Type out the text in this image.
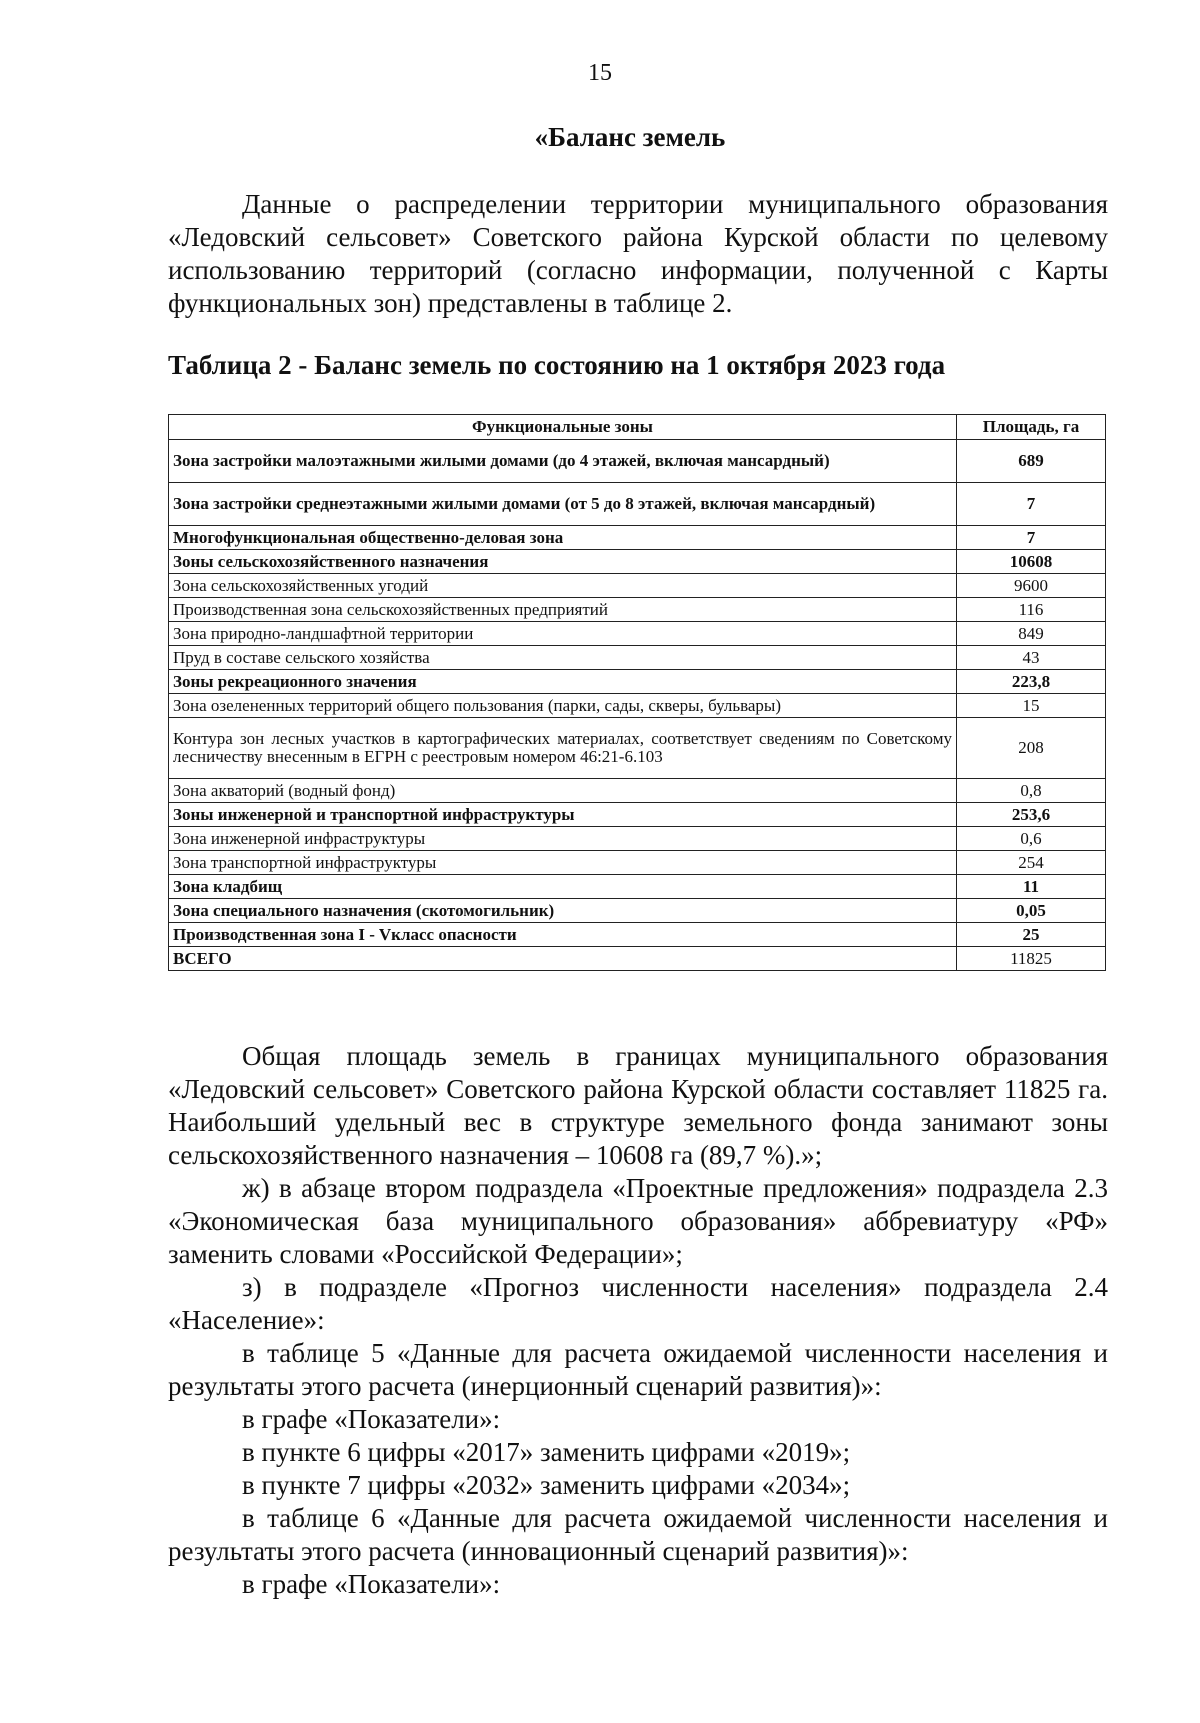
15
«Баланс земель

Данные о распределении территории муниципального образования «Ледовский сельсовет» Советского района Курской области по целевому использованию территорий (согласно информации, полученной с Карты функциональных зон) представлены в таблице 2.

Таблица 2 - Баланс земель по состоянию на 1 октября 2023 года
Функциональные зоны	Площадь, га
Зона застройки малоэтажными жилыми домами (до 4 этажей, включая мансардный)	689
Зона застройки среднеэтажными жилыми домами (от 5 до 8 этажей, включая мансардный)	7
Многофункциональная общественно-деловая зона	7
Зоны сельскохозяйственного назначения	10608
Зона сельскохозяйственных угодий	9600
Производственная зона сельскохозяйственных предприятий	116
Зона природно-ландшафтной территории	849
Пруд в составе сельского хозяйства	43
Зоны рекреационного значения	223,8
Зона озелененных территорий общего пользования (парки, сады, скверы, бульвары)	15
Контура зон лесных участков в картографических материалах, соответствует сведениям по Советскому лесничеству внесенным в ЕГРН с реестровым номером 46:21-6.103	208
Зона акваторий (водный фонд)	0,8
Зоны инженерной и транспортной инфраструктуры	253,6
Зона инженерной инфраструктуры	0,6
Зона транспортной инфраструктуры	254
Зона кладбищ	11
Зона специального назначения (скотомогильник)	0,05
Производственная зона I - Vкласс опасности	25
ВСЕГО	11825

Общая площадь земель в границах муниципального образования «Ледовский сельсовет» Советского района Курской области составляет 11825 га. Наибольший удельный вес в структуре земельного фонда занимают зоны сельскохозяйственного назначения – 10608 га (89,7 %).»;

ж) в абзаце втором подраздела «Проектные предложения» подраздела 2.3 «Экономическая база муниципального образования» аббревиатуру «РФ» заменить словами «Российской Федерации»;

з) в подразделе «Прогноз численности населения» подраздела 2.4 «Население»:

в таблице 5 «Данные для расчета ожидаемой численности населения и результаты этого расчета (инерционный сценарий развития)»:

в графе «Показатели»:

в пункте 6 цифры «2017» заменить цифрами «2019»;

в пункте 7 цифры «2032» заменить цифрами «2034»;

в таблице 6 «Данные для расчета ожидаемой численности населения и результаты этого расчета (инновационный сценарий развития)»:

в графе «Показатели»:
